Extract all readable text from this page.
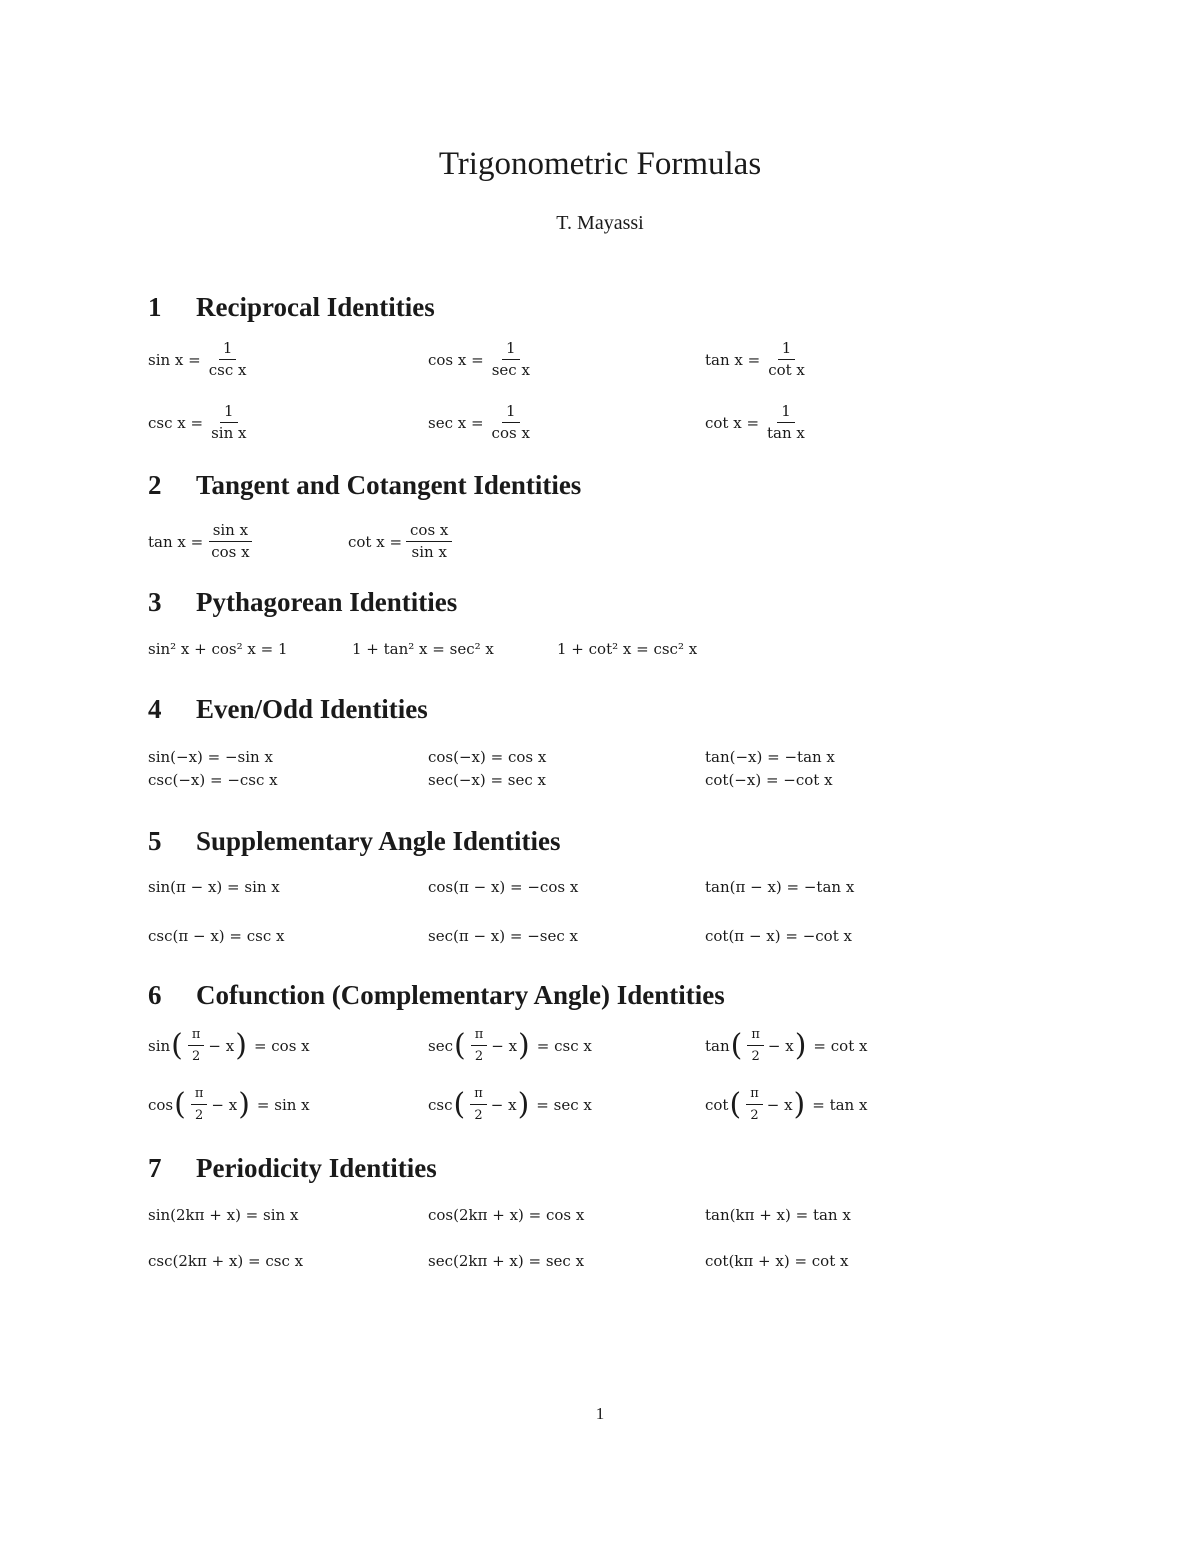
Trigonometric Formulas
T. Mayassi
1 Reciprocal Identities
$\sin x = \frac{1}{\text{csc x}}$	$\cos x = \frac{1}{\text{sec x}}$	$\tan x = \frac{1}{\text{cot x}}$
$\csc x = \frac{1}{\text{sin x}}$	$\sec x = \frac{1}{\text{cos x}}$	$\cot x = \frac{1}{\text{tan x}}$
2 Tangent and Cotangent Identities
$\tan x = \frac{\text{sin x}}{\text{cos x}}$	$\cot x = \frac{\text{cos x}}{\text{sin x}}$
3 Pythagorean Identities
sin² x + cos² x = 1	1 + tan² x = sec² x	1 + cot² x = csc² x
4 Even/Odd Identities
sin(−x) = −sin x	cos(−x) = cos x	tan(−x) = −tan x
csc(−x) = −csc x	sec(−x) = sec x	cot(−x) = −cot x
5 Supplementary Angle Identities
sin(π − x) = sin x	cos(π − x) = −cos x	tan(π − x) = −tan x
csc(π − x) = csc x	sec(π − x) = −sec x	cot(π − x) = −cot x
6 Cofunction (Complementary Angle) Identities
sin ( $\frac{\pi}{2} - x$ ) = cos x	sec ( $\frac{\pi}{2} - x$ ) = csc x	tan ( $\frac{\pi}{2} - x$ ) = cot x
cos ( $\frac{\pi}{2} - x$ ) = sin x	csc ( $\frac{\pi}{2} - x$ ) = sec x	cot ( $\frac{\pi}{2} - x$ ) = tan x
7 Periodicity Identities
sin(2kπ + x) = sin x	cos(2kπ + x) = cos x	tan(kπ + x) = tan x
csc(2kπ + x) = csc x	sec(2kπ + x) = sec x	cot(kπ + x) = cot x
1
